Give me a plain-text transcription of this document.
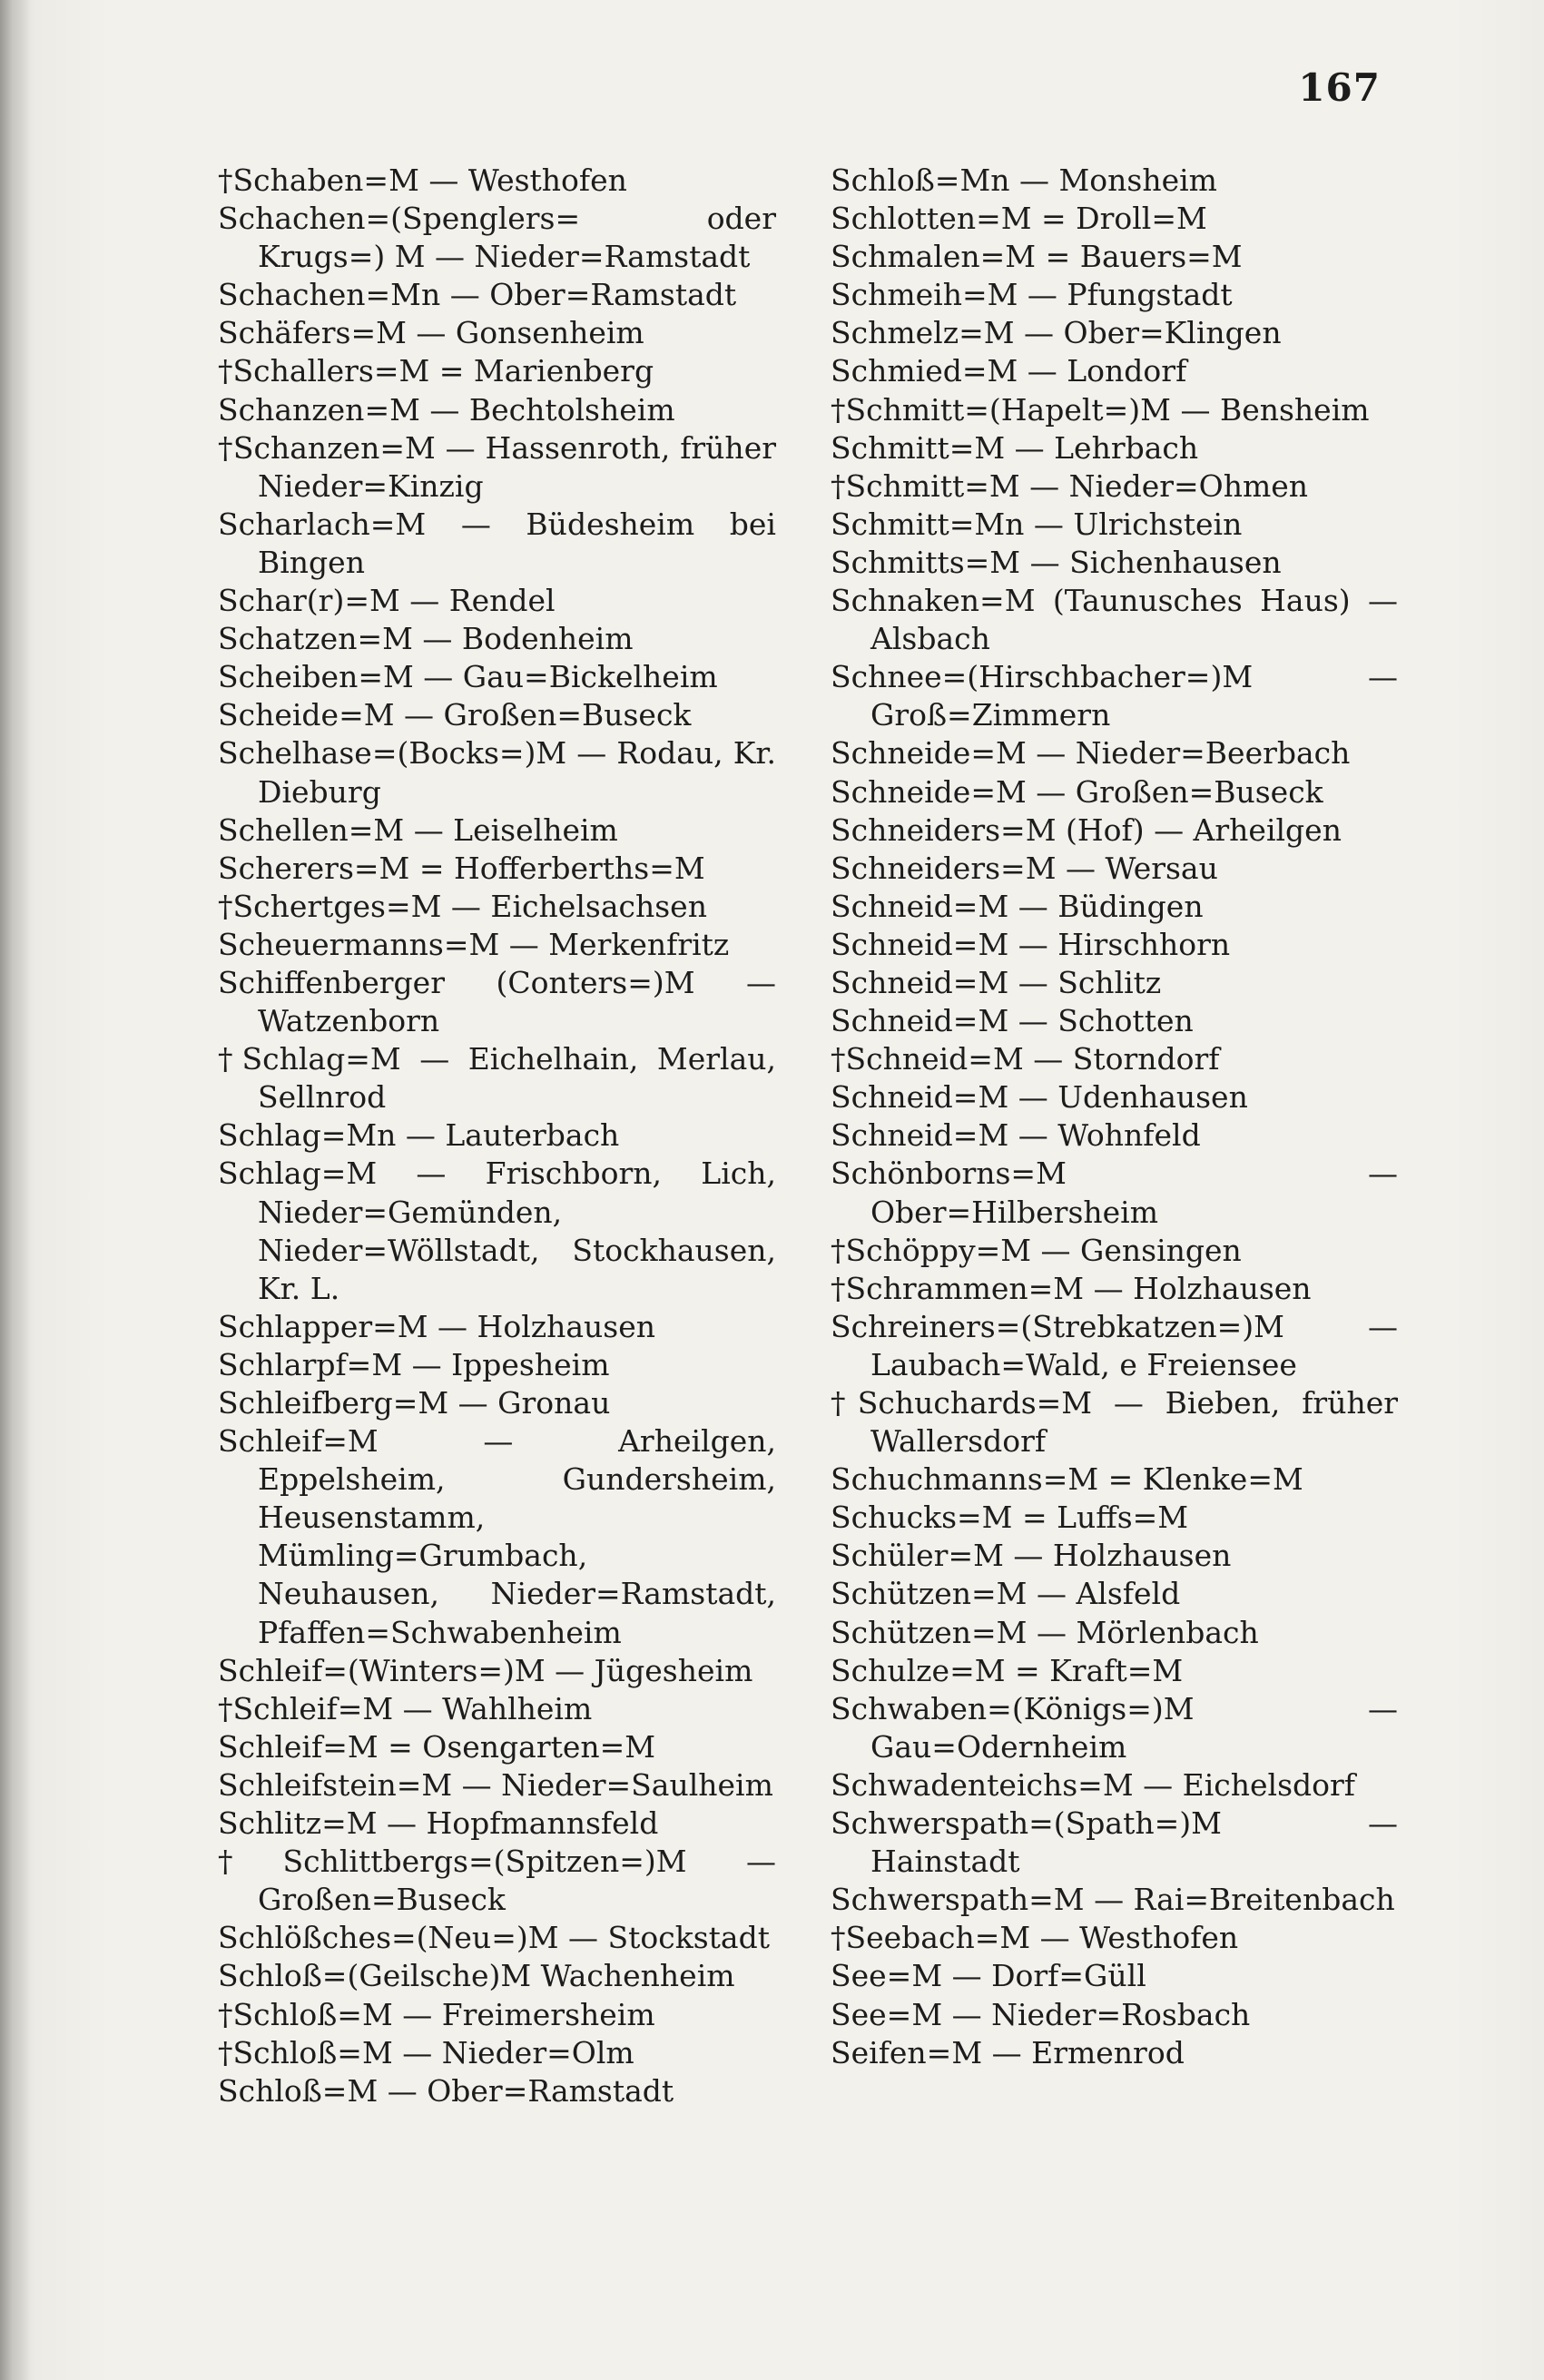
167
†Schaben=M — Westhofen
Schachen=(Spenglers= oder Krugs=) M — Nieder=Ramstadt
Schachen=Mn — Ober=Ramstadt
Schäfers=M — Gonsenheim
†Schallers=M = Marienberg
Schanzen=M — Bechtolsheim
†Schanzen=M — Hassenroth, früher Nieder=Kinzig
Scharlach=M — Büdesheim bei Bingen
Schar(r)=M — Rendel
Schatzen=M — Bodenheim
Scheiben=M — Gau=Bickelheim
Scheide=M — Großen=Buseck
Schelhase=(Bocks=)M — Rodau, Kr. Dieburg
Schellen=M — Leiselheim
Scherers=M = Hofferberths=M
†Schertges=M — Eichelsachsen
Scheuermanns=M — Merkenfritz
Schiffenberger (Conters=)M — Watzenborn
†Schlag=M — Eichelhain, Merlau, Sellnrod
Schlag=Mn — Lauterbach
Schlag=M — Frischborn, Lich, Nieder=Gemünden, Nieder=Wöllstadt, Stockhausen, Kr. L.
Schlapper=M — Holzhausen
Schlarpf=M — Ippesheim
Schleifberg=M — Gronau
Schleif=M — Arheilgen, Eppelsheim, Gundersheim, Heusenstamm, Mümling=Grumbach, Neuhausen, Nieder=Ramstadt, Pfaffen=Schwabenheim
Schleif=(Winters=)M — Jügesheim
†Schleif=M — Wahlheim
Schleif=M = Osengarten=M
Schleifstein=M — Nieder=Saulheim
Schlitz=M — Hopfmannsfeld
†Schlittbergs=(Spitzen=)M — Großen=Buseck
Schlößches=(Neu=)M — Stockstadt
Schloß=(Geilsche)M Wachenheim
†Schloß=M — Freimersheim
†Schloß=M — Nieder=Olm
Schloß=M — Ober=Ramstadt
Schloß=Mn — Monsheim
Schlotten=M = Droll=M
Schmalen=M = Bauers=M
Schmeih=M — Pfungstadt
Schmelz=M — Ober=Klingen
Schmied=M — Londorf
†Schmitt=(Hapelt=)M — Bensheim
Schmitt=M — Lehrbach
†Schmitt=M — Nieder=Ohmen
Schmitt=Mn — Ulrichstein
Schmitts=M — Sichenhausen
Schnaken=M (Taunusches Haus) — Alsbach
Schnee=(Hirschbacher=)M — Groß=Zimmern
Schneide=M — Nieder=Beerbach
Schneide=M — Großen=Buseck
Schneiders=M (Hof) — Arheilgen
Schneiders=M — Wersau
Schneid=M — Büdingen
Schneid=M — Hirschhorn
Schneid=M — Schlitz
Schneid=M — Schotten
†Schneid=M — Storndorf
Schneid=M — Udenhausen
Schneid=M — Wohnfeld
Schönborns=M — Ober=Hilbersheim
†Schöppy=M — Gensingen
†Schrammen=M — Holzhausen
Schreiners=(Strebkatzen=)M — Laubach=Wald, e Freiensee
†Schuchards=M — Bieben, früher Wallersdorf
Schuchmanns=M = Klenke=M
Schucks=M = Luffs=M
Schüler=M — Holzhausen
Schützen=M — Alsfeld
Schützen=M — Mörlenbach
Schulze=M = Kraft=M
Schwaben=(Königs=)M — Gau=Odernheim
Schwadenteichs=M — Eichelsdorf
Schwerspath=(Spath=)M — Hainstadt
Schwerspath=M — Rai=Breitenbach
†Seebach=M — Westhofen
See=M — Dorf=Güll
See=M — Nieder=Rosbach
Seifen=M — Ermenrod
